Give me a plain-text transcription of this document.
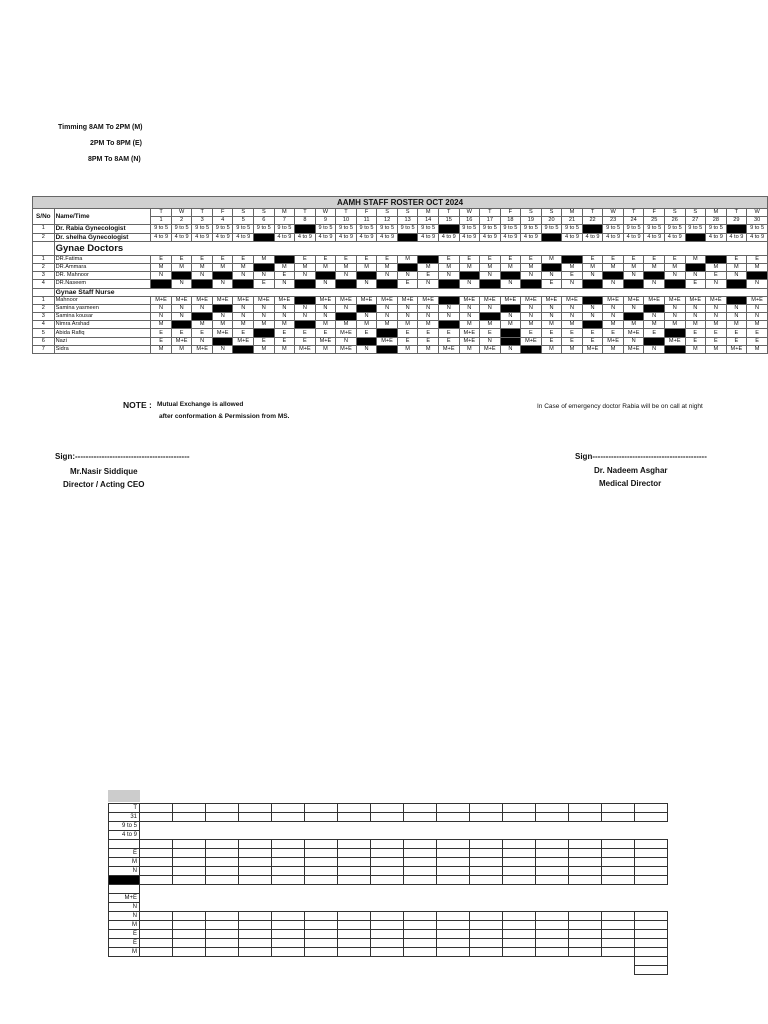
Timming 8AM To 2PM (M)
2PM To 8PM (E)
8PM To 8AM (N)
AAMH STAFF ROSTER OCT 2024																															
S/No	Name/Time	T	W	T	F	S	S	M	T	W	T	F	S	S	M	T	W	T	F	S	S	M	T	W	T	F	S	S	M	T	W
		1	2	3	4	5	6	7	8	9	10	11	12	13	14	15	16	17	18	19	20	21	22	23	24	25	26	27	28	29	30
1	Dr. Rabia Gynecologist	9 to 5	9 to 5	9 to 5	9 to 5	9 to 5	9 to 5	9 to 5		9 to 5	9 to 5	9 to 5	9 to 5	9 to 5	9 to 5		9 to 5	9 to 5	9 to 5	9 to 5	9 to 5	9 to 5		9 to 5	9 to 5	9 to 5	9 to 5	9 to 5	9 to 5		9 to 5
2	Dr. shelha Gynecologist	4 to 9	4 to 9	4 to 9	4 to 9	4 to 9		4 to 9	4 to 9	4 to 9	4 to 9	4 to 9	4 to 9		4 to 9	4 to 9	4 to 9	4 to 9	4 to 9	4 to 9		4 to 9	4 to 9	4 to 9	4 to 9	4 to 9	4 to 9		4 to 9	4 to 9	4 to 9
	Gynae Doctors																														
1	DR.Fatima	E	E	E	E	E	M		E	E	E	E	E	M		E	E	E	E	E	M		E	E	E	E	E	M		E	E
2	DR.Ammara	M	M	M	M	M		M	M	M	M	M	M		M	M	M	M	M	M		M	M	M	M	M	M		M	M	M
3	DR. Mahnoor	N		N		N	N	E	N		N		N	N	E	N		N		N	N	E	N		N		N	N	E	N	
4	DR.Naseem		N		N		E	N		N		N		E	N		N		N		E	N		N		N		E	N		N
	Gynae Staff Nurse																														
1	Mahnoor	M+E	M+E	M+E	M+E	M+E	M+E	M+E		M+E	M+E	M+E	M+E	M+E	M+E		M+E	M+E	M+E	M+E	M+E	M+E		M+E	M+E	M+E	M+E	M+E	M+E		M+E
2	Samina yasmeen	N	N	N		N	N	N	N	N	N		N	N	N	N	N	N		N	N	N	N	N	N		N	N	N	N	N
3	Samina kousar	N	N		N	N	N	N	N	N		N	N	N	N	N	N		N	N	N	N	N	N		N	N	N	N	N	N
4	Nimra Arshad	M		M	M	M	M	M		M	M	M	M	M	M		M	M	M	M	M	M		M	M	M	M	M	M	M	M
5	Abida Rafiq	E	E	E	M+E	E		E	E	E	M+E	E		E	E	E	M+E	E		E	E	E	E	E	M+E	E		E	E	E	E
6	Nazi	E	M+E	N		M+E	E	E	E	M+E	N		M+E	E	E	E	M+E	N		M+E	E	E	E	M+E	N		M+E	E	E	E	E
7	Sidra	M	M	M+E	N		M	M	M+E	M	M+E	N		M	M	M+E	M	M+E	N		M	M	M+E	M	M+E	N		M	M	M+E	M
NOTE : Mutual Exchange is allowed
after conformation & Permission from MS.
In Case of emergency doctor Rabia will be on call at night
Sign:-------------------------------------------
Mr.Nasir Siddique
Director / Acting CEO
Sign-------------------------------------------
Dr. Nadeem Asghar
Medical Director
T
31
9 to 5
4 to 9
E
M
N
M+E
N
N
M
E
E
M
